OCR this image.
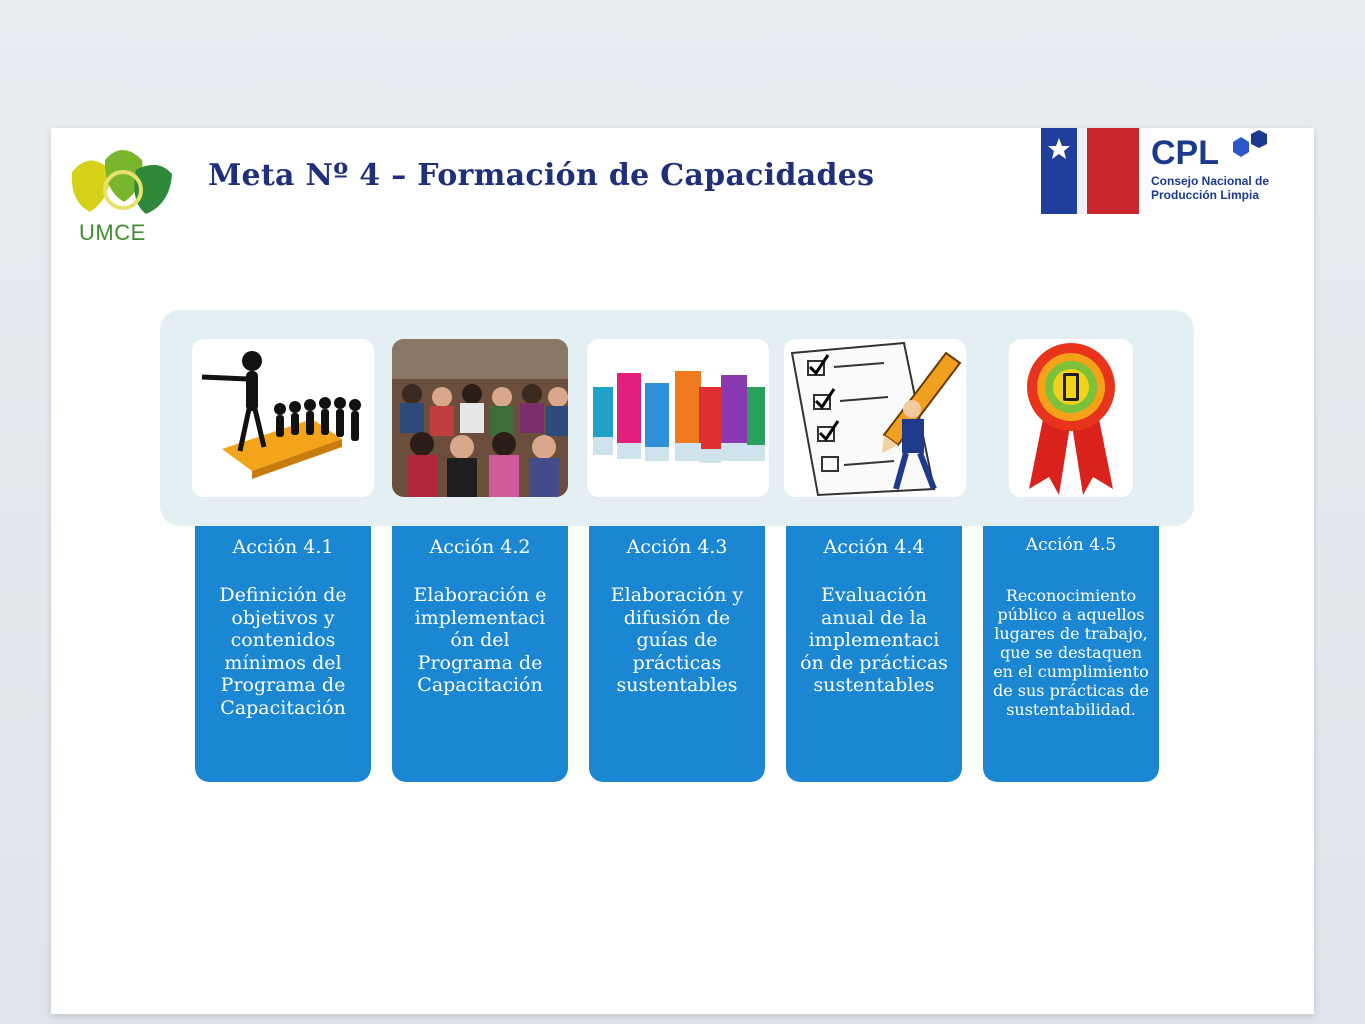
UMCE
Meta Nº 4 – Formación de Capacidades
CPL
Consejo Nacional de
Producción Limpia
Acción 4.1
Definición de objetivos y contenidos mínimos del Programa de Capacitación
Acción 4.2
Elaboración e implementaci ón del Programa de Capacitación
Acción 4.3
Elaboración y difusión de guías de prácticas sustentables
Acción 4.4
Evaluación anual de la implementaci ón de prácticas sustentables
Acción 4.5
Reconocimiento público a aquellos lugares de trabajo, que se destaquen en el cumplimiento de sus prácticas de sustentabilidad.
